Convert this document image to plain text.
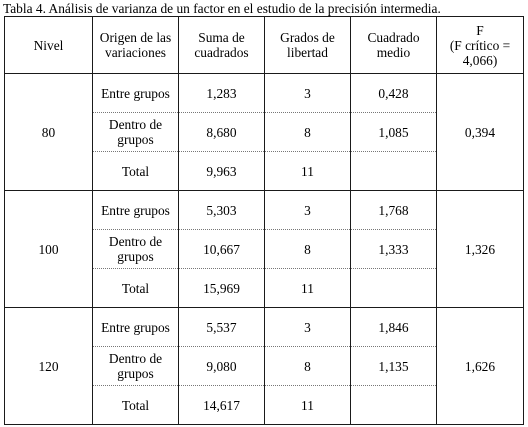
Tabla 4. Análisis de varianza de un factor en el estudio de la precisión intermedia.
Nivel	Origen de las variaciones	Suma de cuadrados	Grados de libertad	Cuadrado medio	F
(F crítico =
4,066)

80	Entre grupos	1,283	3	0,428	0,394
	Dentro de grupos	8,680	8	1,085	
	Total	9,963	11		
100	Entre grupos	5,303	3	1,768	1,326
	Dentro de grupos	10,667	8	1,333	
	Total	15,969	11		
120	Entre grupos	5,537	3	1,846	1,626
	Dentro de grupos	9,080	8	1,135	
	Total	14,617	11		
